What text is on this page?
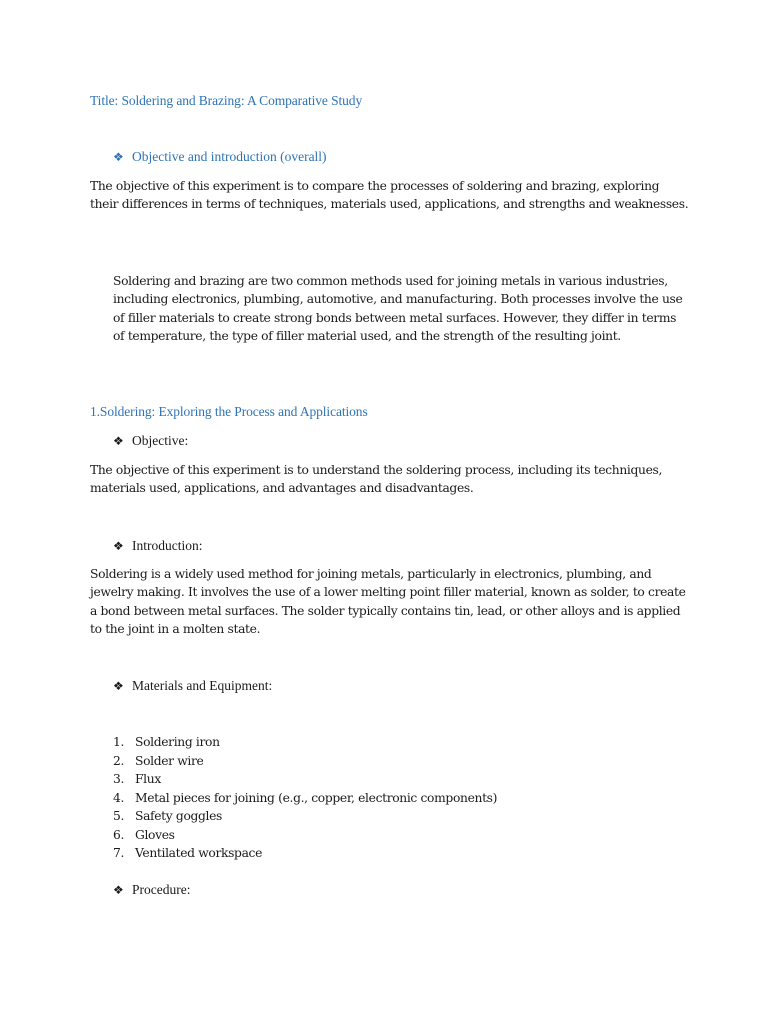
Title: Soldering and Brazing: A Comparative Study
❖ Objective and introduction (overall)

The objective of this experiment is to compare the processes of soldering and brazing, exploring their differences in terms of techniques, materials used, applications, and strengths and weaknesses.

Soldering and brazing are two common methods used for joining metals in various industries, including electronics, plumbing, automotive, and manufacturing. Both processes involve the use of filler materials to create strong bonds between metal surfaces. However, they differ in terms of temperature, the type of filler material used, and the strength of the resulting joint.

1.Soldering: Exploring the Process and Applications
❖ Objective:

The objective of this experiment is to understand the soldering process, including its techniques, materials used, applications, and advantages and disadvantages.

❖ Introduction:

Soldering is a widely used method for joining metals, particularly in electronics, plumbing, and jewelry making. It involves the use of a lower melting point filler material, known as solder, to create a bond between metal surfaces. The solder typically contains tin, lead, or other alloys and is applied to the joint in a molten state.

❖ Materials and Equipment:
1. Soldering iron
2. Solder wire
3. Flux
4. Metal pieces for joining (e.g., copper, electronic components)
5. Safety goggles
6. Gloves
7. Ventilated workspace
❖ Procedure:
